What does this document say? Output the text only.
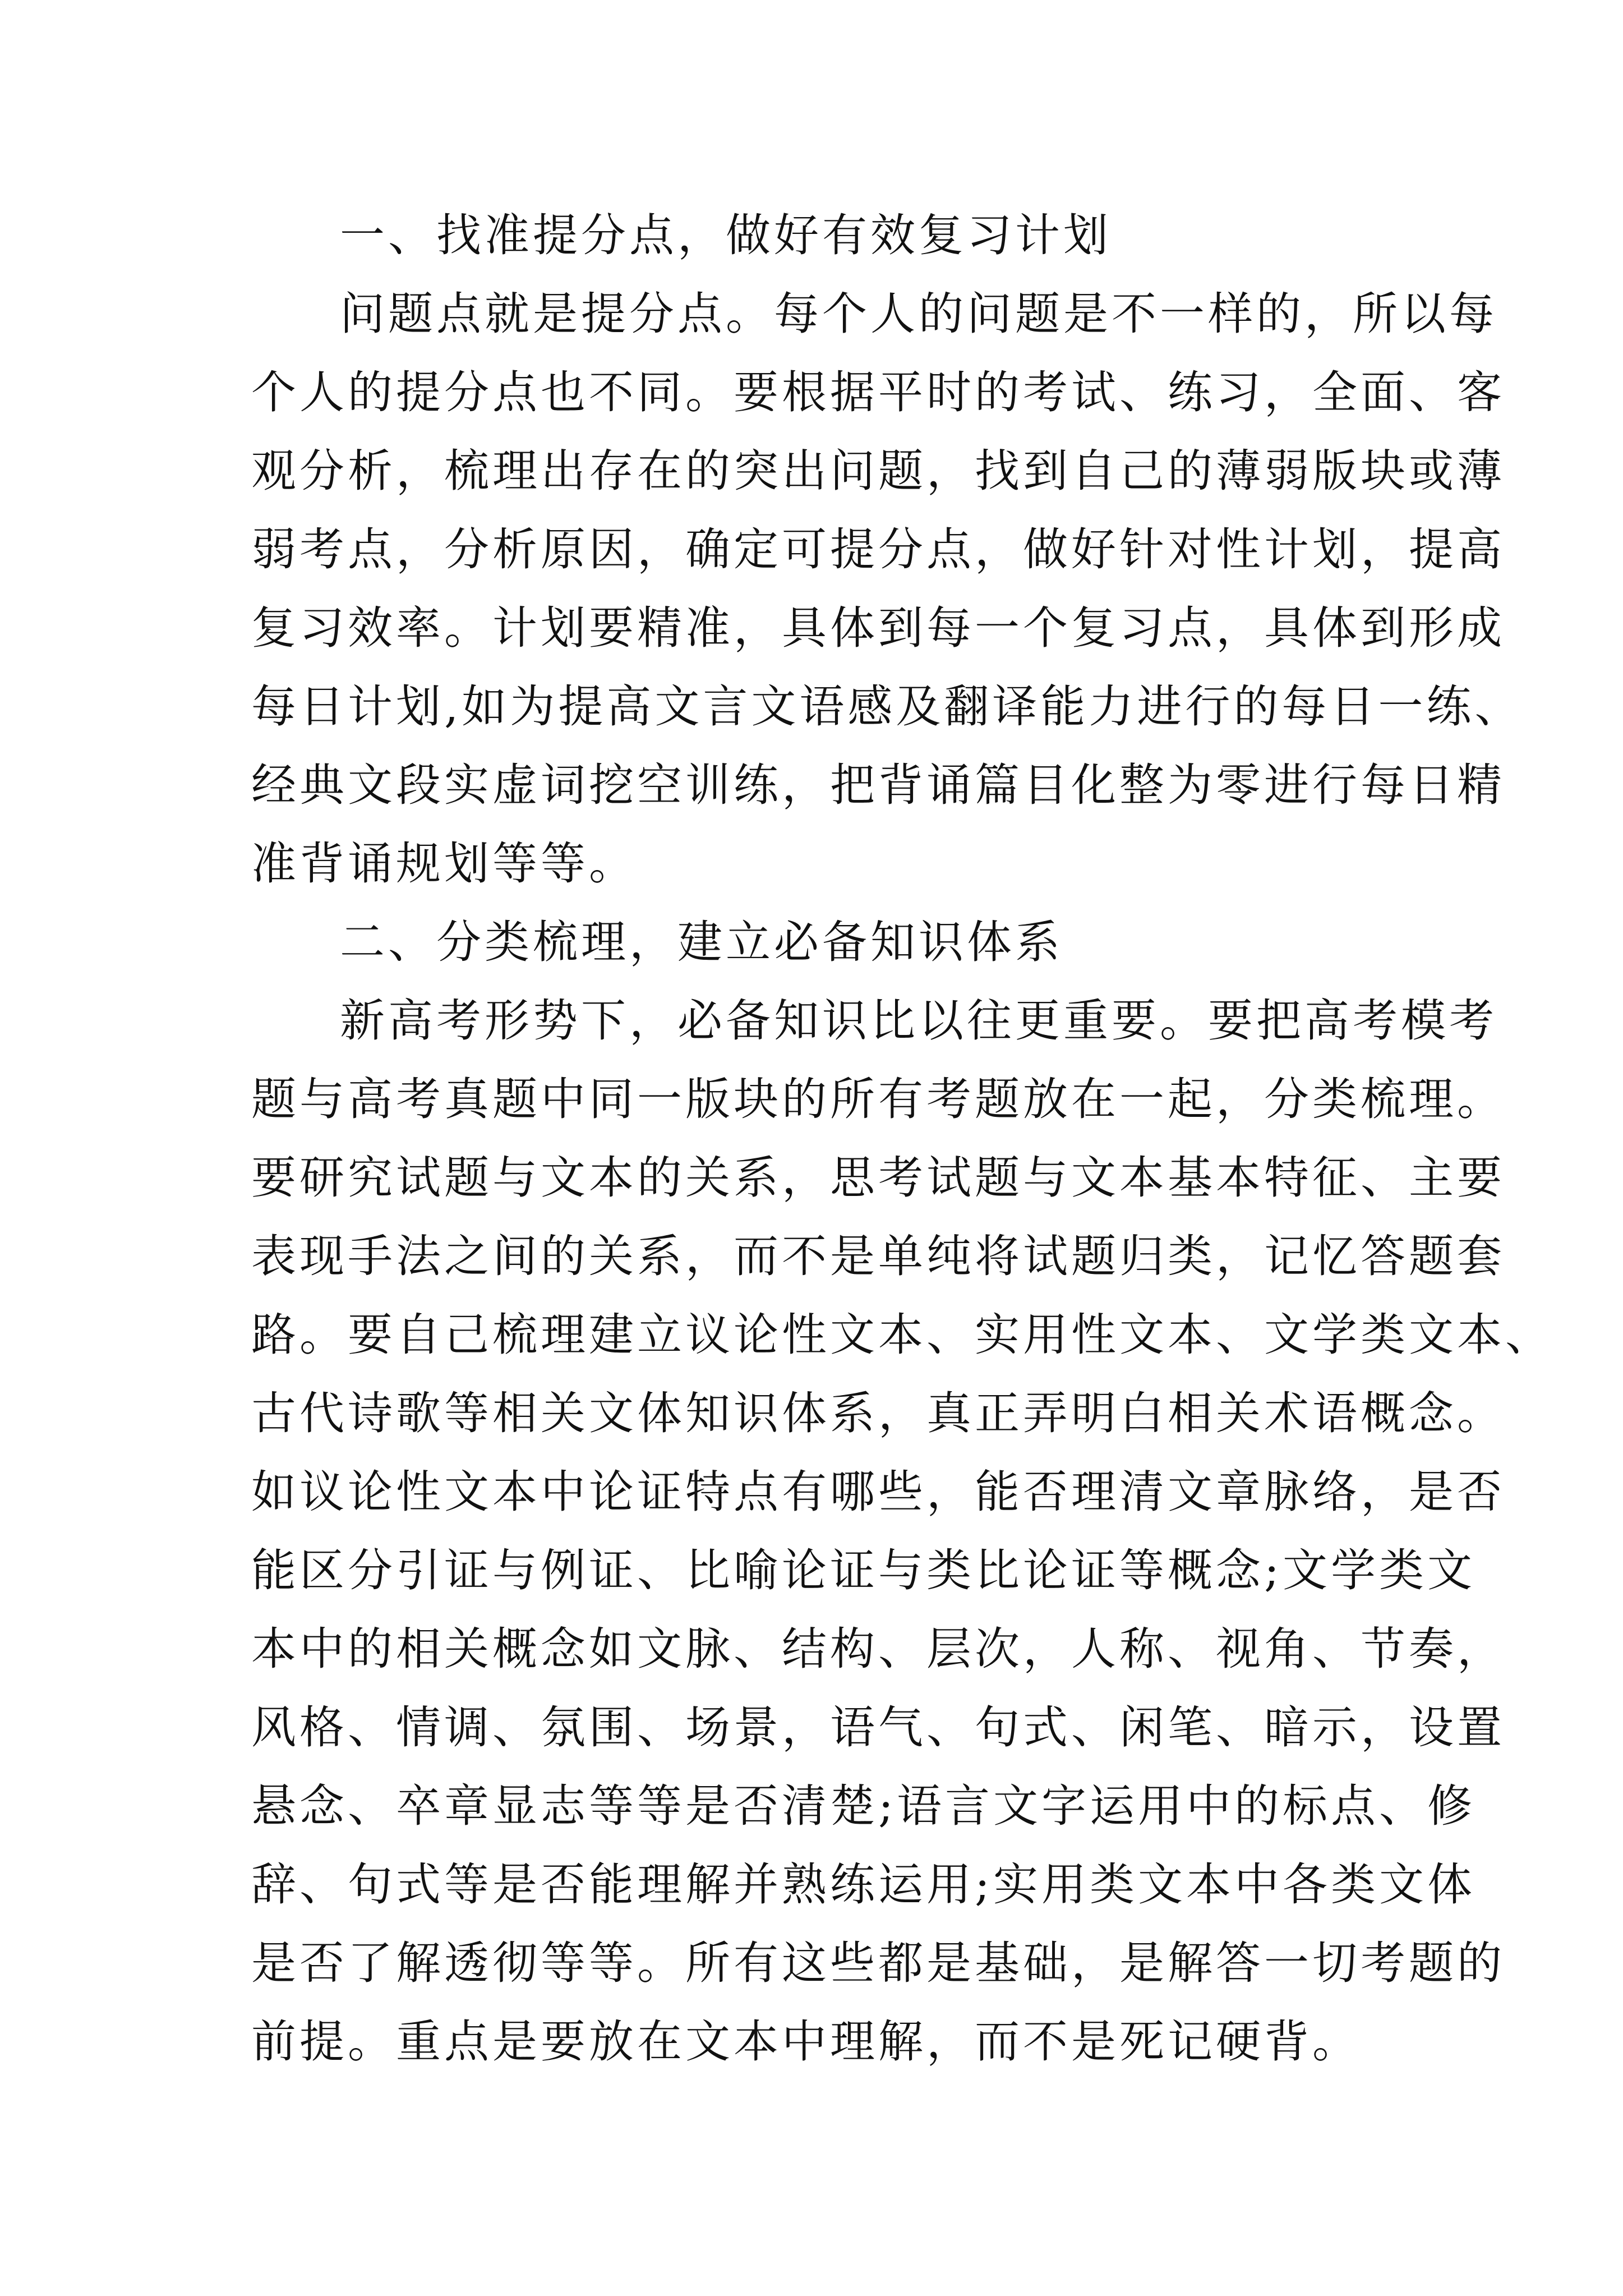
一、找准提分点，做好有效复习计划
问题点就是提分点。每个人的问题是不一样的，所以每
个人的提分点也不同。要根据平时的考试、练习，全面、客
观分析，梳理出存在的突出问题，找到自己的薄弱版块或薄
弱考点，分析原因，确定可提分点，做好针对性计划，提高
复习效率。计划要精准，具体到每一个复习点，具体到形成
每日计划,如为提高文言文语感及翻译能力进行的每日一练、
经典文段实虚词挖空训练，把背诵篇目化整为零进行每日精
准背诵规划等等。
二、分类梳理，建立必备知识体系
新高考形势下，必备知识比以往更重要。要把高考模考
题与高考真题中同一版块的所有考题放在一起，分类梳理。
要研究试题与文本的关系，思考试题与文本基本特征、主要
表现手法之间的关系，而不是单纯将试题归类，记忆答题套
路。要自己梳理建立议论性文本、实用性文本、文学类文本、
古代诗歌等相关文体知识体系，真正弄明白相关术语概念。
如议论性文本中论证特点有哪些，能否理清文章脉络，是否
能区分引证与例证、比喻论证与类比论证等概念;文学类文
本中的相关概念如文脉、结构、层次，人称、视角、节奏，
风格、情调、氛围、场景，语气、句式、闲笔、暗示，设置
悬念、卒章显志等等是否清楚;语言文字运用中的标点、修
辞、句式等是否能理解并熟练运用;实用类文本中各类文体
是否了解透彻等等。所有这些都是基础，是解答一切考题的
前提。重点是要放在文本中理解，而不是死记硬背。
